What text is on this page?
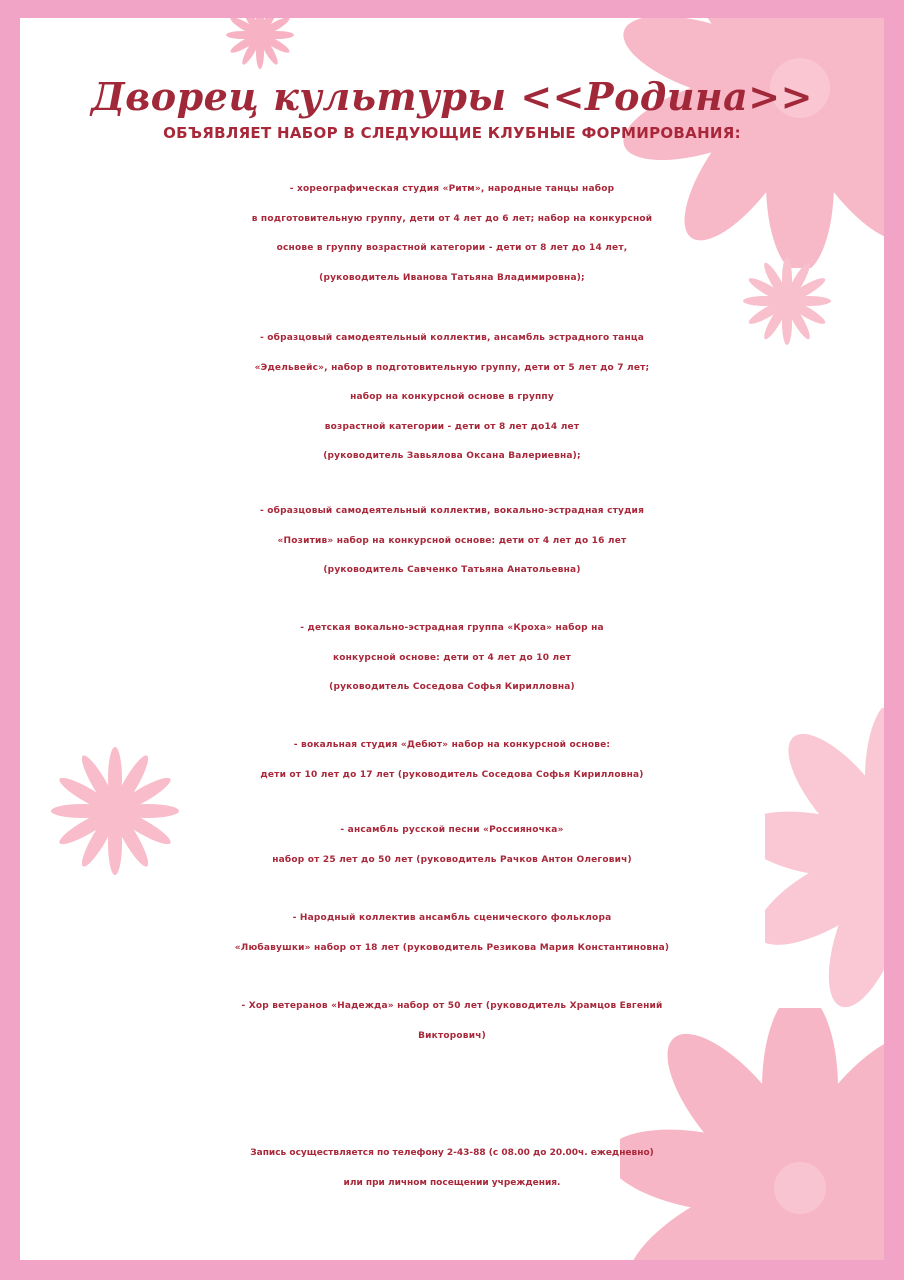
Дворец культуры <<Родина>>
ОБЪЯВЛЯЕТ НАБОР В СЛЕДУЮЩИЕ КЛУБНЫЕ ФОРМИРОВАНИЯ:
- хореографическая студия «Ритм», народные танцы набор
в подготовительную группу, дети от 4 лет до 6 лет; набор на конкурсной
основе в группу возрастной категории - дети от 8 лет до 14 лет,
(руководитель Иванова Татьяна Владимировна);
- образцовый самодеятельный коллектив, ансамбль эстрадного танца
«Эдельвейс», набор в подготовительную группу, дети от 5 лет до 7 лет;
набор на конкурсной основе в группу
возрастной категории - дети от 8 лет до14 лет
(руководитель Завьялова Оксана Валериевна);
- образцовый самодеятельный коллектив, вокально-эстрадная студия
«Позитив» набор на конкурсной основе: дети от 4 лет до 16 лет
(руководитель Савченко Татьяна Анатольевна)
- детская вокально-эстрадная группа «Кроха» набор на
конкурсной основе: дети от 4 лет до 10 лет
(руководитель Соседова Софья Кирилловна)
- вокальная студия «Дебют» набор на конкурсной основе:
дети от 10 лет до 17 лет (руководитель Соседова Софья Кирилловна)
- ансамбль русской песни «Россияночка»
набор от 25 лет до 50 лет (руководитель Рачков Антон Олегович)
- Народный коллектив ансамбль сценического фольклора
«Любавушки» набор от 18 лет (руководитель Резикова Мария Константиновна)
- Хор ветеранов «Надежда» набор от 50 лет (руководитель Храмцов Евгений
Викторович)
Запись осуществляется по телефону 2-43-88 (с 08.00 до 20.00ч. ежедневно)
или при личном посещении учреждения.
